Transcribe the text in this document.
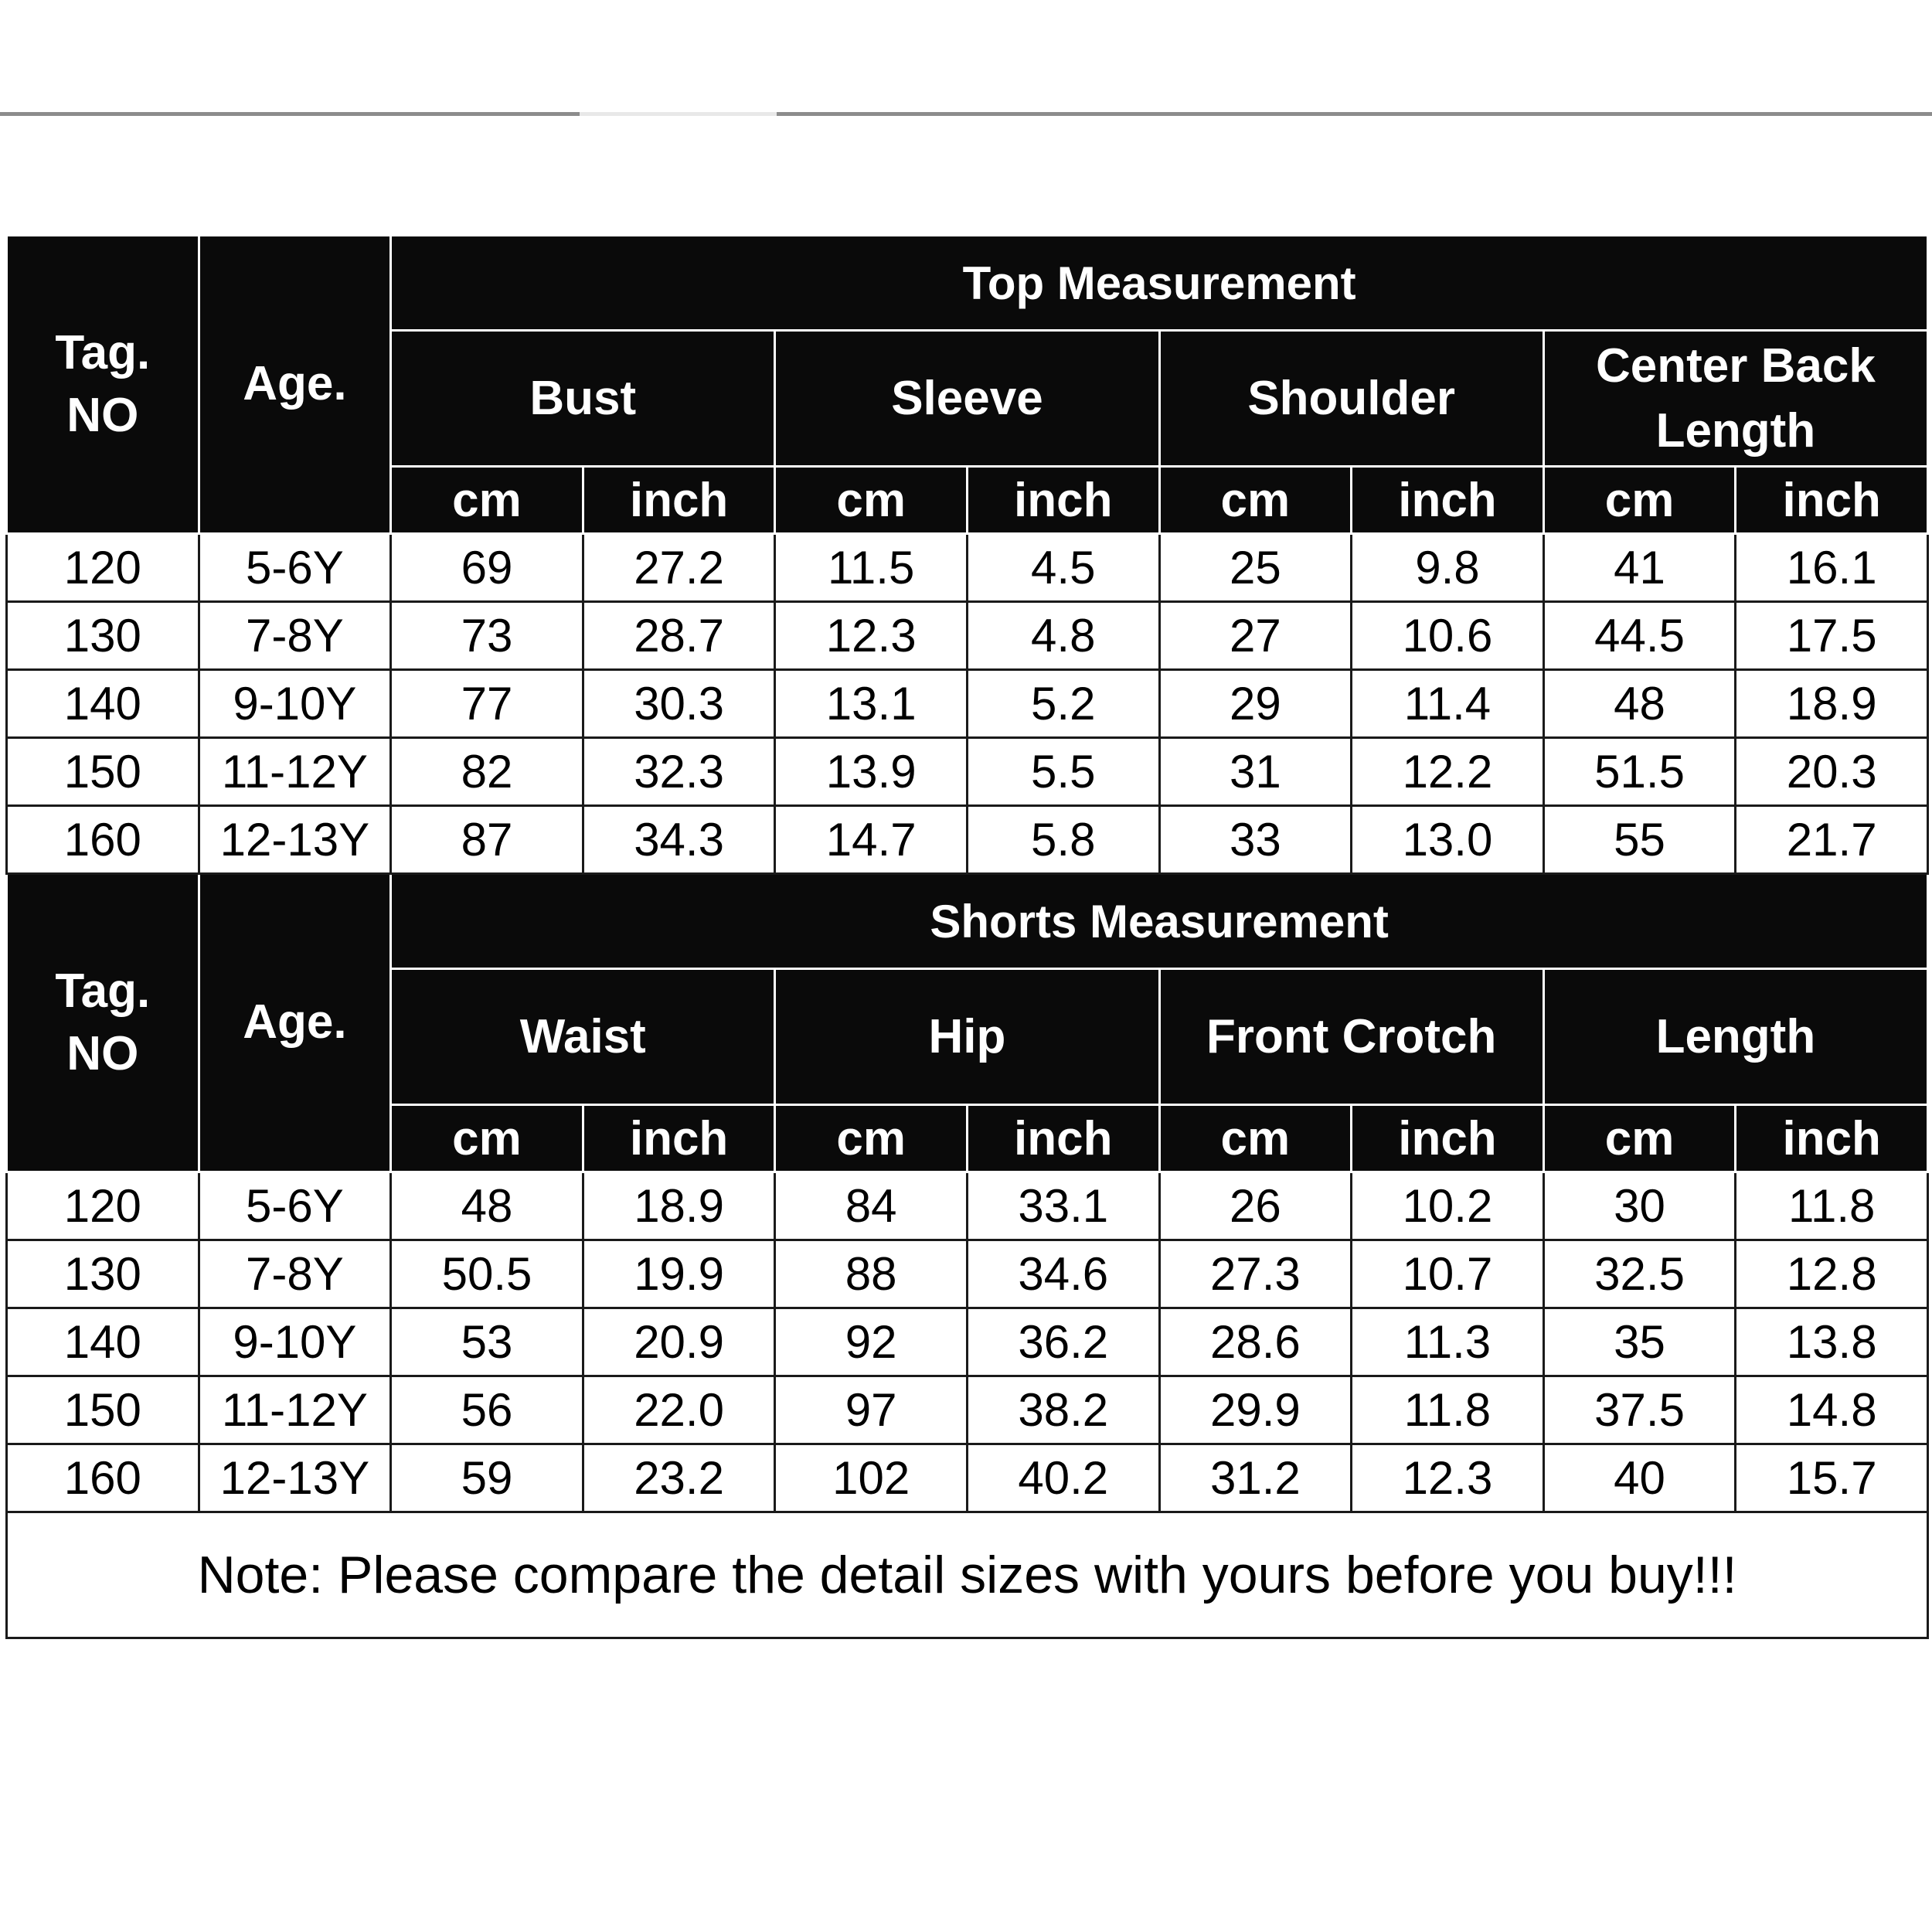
Tag.
NO	Age.	Top Measurement							
		Bust		Sleeve		Shoulder		Center Back Length	
		cm	inch	cm	inch	cm	inch	cm	inch
120	5-6Y	69	27.2	11.5	4.5	25	9.8	41	16.1
130	7-8Y	73	28.7	12.3	4.8	27	10.6	44.5	17.5
140	9-10Y	77	30.3	13.1	5.2	29	11.4	48	18.9
150	11-12Y	82	32.3	13.9	5.5	31	12.2	51.5	20.3
160	12-13Y	87	34.3	14.7	5.8	33	13.0	55	21.7
Tag.
NO	Age.	Shorts Measurement							
		Waist		Hip		Front Crotch		Length	
		cm	inch	cm	inch	cm	inch	cm	inch
120	5-6Y	48	18.9	84	33.1	26	10.2	30	11.8
130	7-8Y	50.5	19.9	88	34.6	27.3	10.7	32.5	12.8
140	9-10Y	53	20.9	92	36.2	28.6	11.3	35	13.8
150	11-12Y	56	22.0	97	38.2	29.9	11.8	37.5	14.8
160	12-13Y	59	23.2	102	40.2	31.2	12.3	40	15.7
Note: Please compare the detail sizes with yours before you buy!!!									
